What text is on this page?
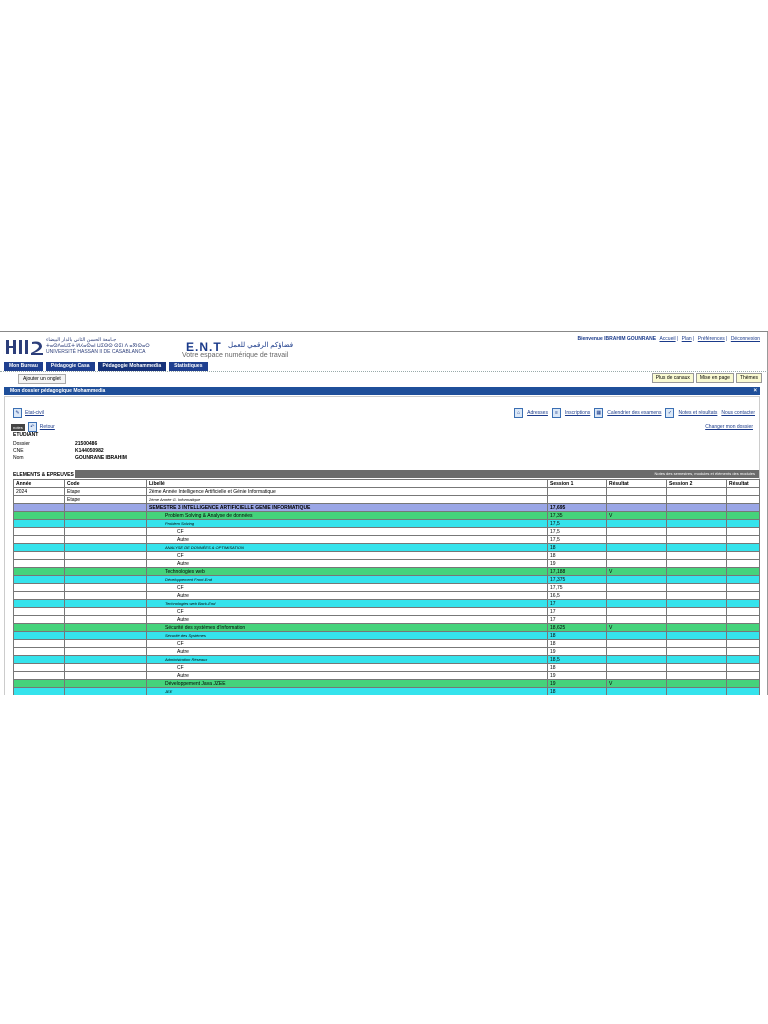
جـامعة الحسن الثاني بالدار البيضاء
ⵜⴰⵙⴷⴰⵡⵉⵜ ⵍⵃⴰⵙⴰⵏ ⵡⵉⵙⵙ ⵙⵉⵏ ⴷ ⴰⴳⵏⵙⴰⵔ
UNIVERSITÉ HASSAN II DE CASABLANCA	E.N.T فضاؤكم الرقمي للعمل
Votre espace numérique de travail
Bienvenue IBRAHIM GOUNRANE Accueil | Plan | Préférences | Déconnexion
Mon Bureau	Pédagogie Casa	Pédagogie Mohammedia	Statistiques
Ajouter un onglet	Plus de canaux	Mise en page	Thèmes
Mon dossier pédagogique Mohammedia	×
✎	Etat-civil
notes	↶	Retour
⌂	Adresses	≡	Inscriptions	▦	Calendrier des examens	✓	Notes et résultats Nous contacter
Changer mon dossier
ETUDIANT
Dossier	21500486
CNE	K144050982
Nom	GOUNRANE IBRAHIM
ELEMENTS & EPREUVES	Notes des semestres, modules et éléments des modules
Année	Code	Libellé	Session 1	Résultat	Session 2	Résultat
2024	Etape	2ème Année Intelligence Artificielle et Génie Informatique				
	Etape	2ème Année G. Informatique				
		SEMESTRE 3 INTELLIGENCE ARTIFICIELLE GENIE INFORMATIQUE	17,695			
		Problem Solving & Analyse de données	17,35	V		
		Problem Solving	17,5			
		CF	17,5			
		Autre	17,5			
		ANALYSE DE DONNÉES & OPTIMISATION	18			
		CF	18			
		Autre	19			
		Technologies web	17,188	V		
		Développement Front-End	17,375			
		CF	17,75			
		Autre	16,5			
		Technologies web Back-End	17			
		CF	17			
		Autre	17			
		Sécurité des systèmes d'information	18,625	V		
		Sécurité des Systèmes	18			
		CF	18			
		Autre	19			
		Administration Réseaux	18,5			
		CF	18			
		Autre	19			
		Développement Java JZEE	19	V		
		JEE	18			
